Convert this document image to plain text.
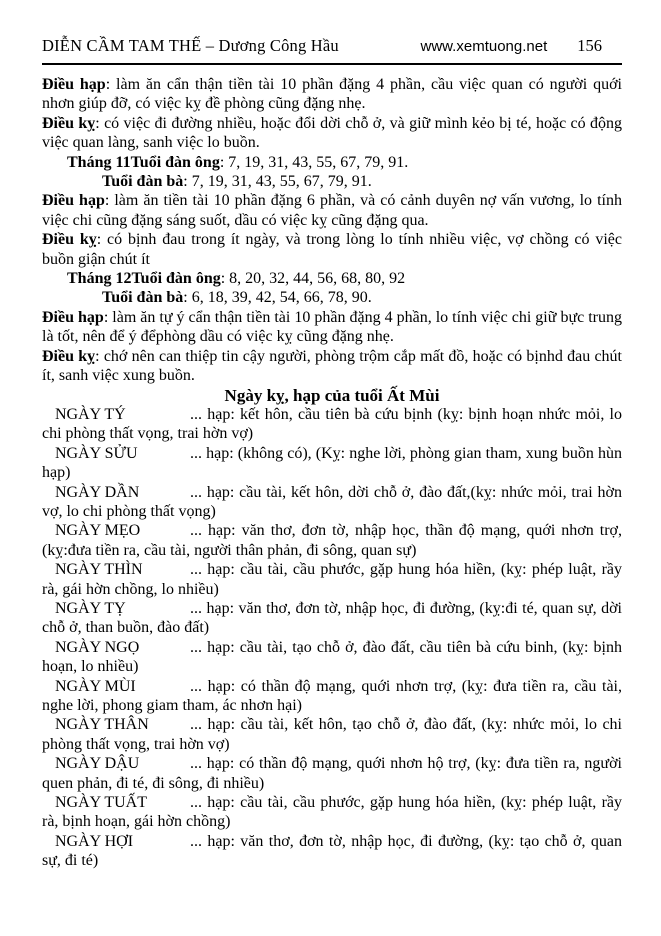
DIỄN CẦM TAM THẾ – Dương Công Hầu	www.xemtuong.net 156

Điều hạp: làm ăn cẩn thận tiền tài 10 phần đặng 4 phần, cầu việc quan có người quới nhơn giúp đỡ, có việc kỵ đề phòng cũng đặng nhẹ.

Điều kỵ: có việc đi đường nhiều, hoặc đổi dời chỗ ở, và giữ mình kẻo bị té, hoặc có động việc quan làng, sanh việc lo buồn.

Tháng 11Tuổi đàn ông: 7, 19, 31, 43, 55, 67, 79, 91.

Tuổi đàn bà: 7, 19, 31, 43, 55, 67, 79, 91.

Điều hạp: làm ăn tiền tài 10 phần đặng 6 phần, và có cảnh duyên nợ vấn vương, lo tính việc chi cũng đặng sáng suốt, dầu có việc kỵ cũng đặng qua.

Điều kỵ: có bịnh đau trong ít ngày, và trong lòng lo tính nhiều việc, vợ chồng có việc buồn giận chút ít

Tháng 12Tuổi đàn ông: 8, 20, 32, 44, 56, 68, 80, 92

Tuổi đàn bà: 6, 18, 39, 42, 54, 66, 78, 90.

Điều hạp: làm ăn tự ý cẩn thận tiền tài 10 phần đặng 4 phần, lo tính việc chi giữ bực trung là tốt, nên để ý đểphòng dầu có việc kỵ cũng đặng nhẹ.

Điều kỵ: chớ nên can thiệp tin cậy người, phòng trộm cắp mất đồ, hoặc có bịnhd đau chút ít, sanh việc xung buồn.

Ngày kỵ, hạp của tuổi Ất Mùi

NGÀY TÝ	... hạp: kết hôn, cầu tiên bà cứu bịnh (kỵ: bịnh hoạn nhức mỏi, lo chi phòng thất vọng, trai hờn vợ)

NGÀY SỬU	... hạp: (không có), (Kỵ: nghe lời, phòng gian tham, xung buồn hùn hạp)

NGÀY DẦN	... hạp: cầu tài, kết hôn, dời chỗ ở, đào đất,(kỵ: nhức mỏi, trai hờn vợ, lo chi phòng thất vọng)

NGÀY MẸO	... hạp: văn thơ, đơn tờ, nhập học, thần độ mạng, quới nhơn trợ, (kỵ:đưa tiền ra, cầu tài, người thân phản, đi sông, quan sự)

NGÀY THÌN	... hạp: cầu tài, cầu phước, gặp hung hóa hiền, (kỵ: phép luật, rầy rà, gái hờn chồng, lo nhiều)

NGÀY TỴ	... hạp: văn thơ, đơn tờ, nhập học, đi đường, (kỵ:đi té, quan sự, dời chỗ ở, than buồn, đào đất)

NGÀY NGỌ	... hạp: cầu tài, tạo chỗ ở, đào đất, cầu tiên bà cứu binh, (kỵ: bịnh hoạn, lo nhiều)

NGÀY MÙI	... hạp: có thần độ mạng, quới nhơn trợ, (kỵ: đưa tiền ra, cầu tài, nghe lời, phong giam tham, ác nhơn hại)

NGÀY THÂN	... hạp: cầu tài, kết hôn, tạo chỗ ở, đào đất, (kỵ: nhức mỏi, lo chi phòng thất vọng, trai hờn vợ)

NGÀY DẬU	... hạp: có thần độ mạng, quới nhơn hộ trợ, (kỵ: đưa tiền ra, người quen phản, đi té, đi sông, đi nhiều)

NGÀY TUẤT	... hạp: cầu tài, cầu phước, gặp hung hóa hiền, (kỵ: phép luật, rầy rà, bịnh hoạn, gái hờn chồng)

NGÀY HỢI	... hạp: văn thơ, đơn tờ, nhập học, đi đường, (kỵ: tạo chỗ ở, quan sự, đi té)
